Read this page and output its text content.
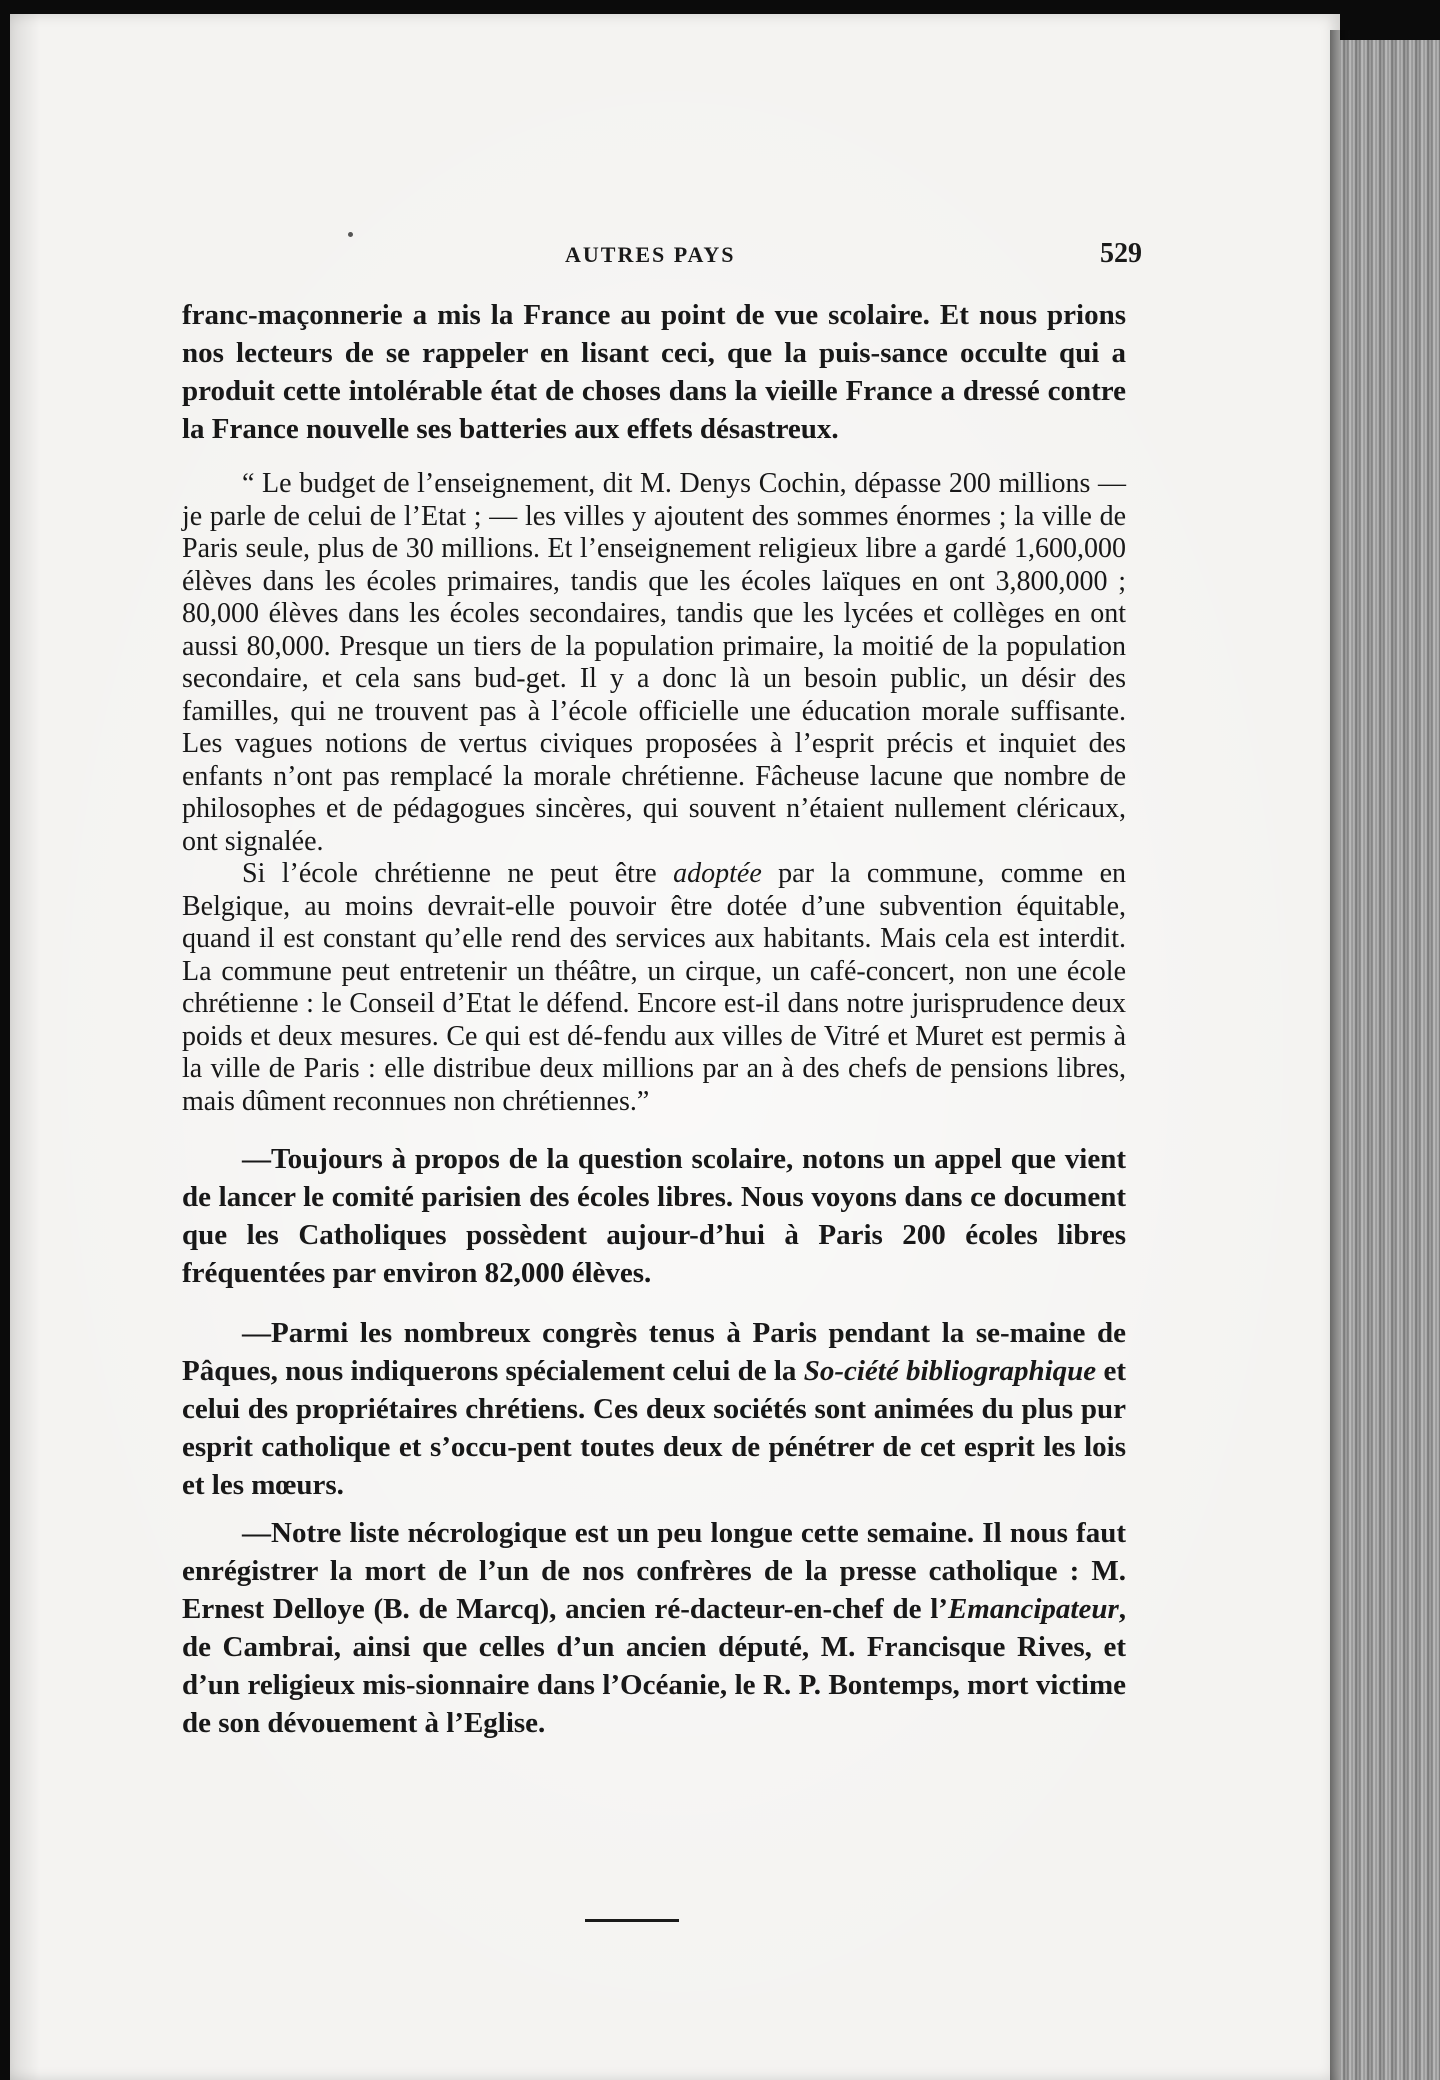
AUTRES PAYS	529

franc-maçonnerie a mis la France au point de vue scolaire. Et nous prions nos lecteurs de se rappeler en lisant ceci, que la puis-sance occulte qui a produit cette intolérable état de choses dans la vieille France a dressé contre la France nouvelle ses batteries aux effets désastreux.

“ Le budget de l’enseignement, dit M. Denys Cochin, dépasse 200 millions — je parle de celui de l’Etat ; — les villes y ajoutent des sommes énormes ; la ville de Paris seule, plus de 30 millions. Et l’enseignement religieux libre a gardé 1,600,000 élèves dans les écoles primaires, tandis que les écoles laïques en ont 3,800,000 ; 80,000 élèves dans les écoles secondaires, tandis que les lycées et collèges en ont aussi 80,000. Presque un tiers de la population primaire, la moitié de la population secondaire, et cela sans bud-get. Il y a donc là un besoin public, un désir des familles, qui ne trouvent pas à l’école officielle une éducation morale suffisante. Les vagues notions de vertus civiques proposées à l’esprit précis et inquiet des enfants n’ont pas remplacé la morale chrétienne. Fâcheuse lacune que nombre de philosophes et de pédagogues sincères, qui souvent n’étaient nullement cléricaux, ont signalée.

Si l’école chrétienne ne peut être adoptée par la commune, comme en Belgique, au moins devrait-elle pouvoir être dotée d’une subvention équitable, quand il est constant qu’elle rend des services aux habitants. Mais cela est interdit. La commune peut entretenir un théâtre, un cirque, un café-concert, non une école chrétienne : le Conseil d’Etat le défend. Encore est-il dans notre jurisprudence deux poids et deux mesures. Ce qui est dé-fendu aux villes de Vitré et Muret est permis à la ville de Paris : elle distribue deux millions par an à des chefs de pensions libres, mais dûment reconnues non chrétiennes.”

—Toujours à propos de la question scolaire, notons un appel que vient de lancer le comité parisien des écoles libres. Nous voyons dans ce document que les Catholiques possèdent aujour-d’hui à Paris 200 écoles libres fréquentées par environ 82,000 élèves.

—Parmi les nombreux congrès tenus à Paris pendant la se-maine de Pâques, nous indiquerons spécialement celui de la So-ciété bibliographique et celui des propriétaires chrétiens. Ces deux sociétés sont animées du plus pur esprit catholique et s’occu-pent toutes deux de pénétrer de cet esprit les lois et les mœurs.

—Notre liste nécrologique est un peu longue cette semaine. Il nous faut enrégistrer la mort de l’un de nos confrères de la presse catholique : M. Ernest Delloye (B. de Marcq), ancien ré-dacteur-en-chef de l’Emancipateur, de Cambrai, ainsi que celles d’un ancien député, M. Francisque Rives, et d’un religieux mis-sionnaire dans l’Océanie, le R. P. Bontemps, mort victime de son dévouement à l’Eglise.
